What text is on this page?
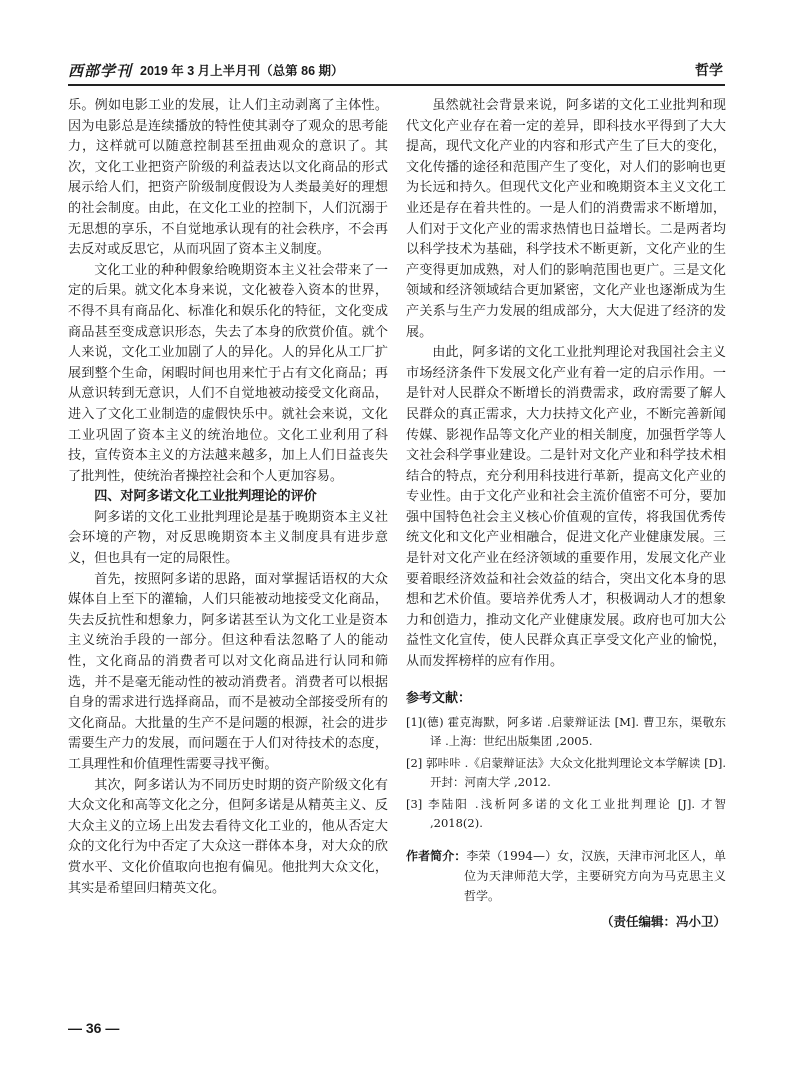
西部学刊 2019 年 3 月上半月刊（总第 86 期）	哲学

乐。例如电影工业的发展，让人们主动剥离了主体性。因为电影总是连续播放的特性使其剥夺了观众的思考能力，这样就可以随意控制甚至扭曲观众的意识了。其次，文化工业把资产阶级的利益表达以文化商品的形式展示给人们，把资产阶级制度假设为人类最美好的理想的社会制度。由此，在文化工业的控制下，人们沉溺于无思想的享乐，不自觉地承认现有的社会秩序，不会再去反对或反思它，从而巩固了资本主义制度。

文化工业的种种假象给晚期资本主义社会带来了一定的后果。就文化本身来说，文化被卷入资本的世界，不得不具有商品化、标准化和娱乐化的特征，文化变成商品甚至变成意识形态，失去了本身的欣赏价值。就个人来说，文化工业加剧了人的异化。人的异化从工厂扩展到整个生命，闲暇时间也用来忙于占有文化商品；再从意识转到无意识，人们不自觉地被动接受文化商品，进入了文化工业制造的虚假快乐中。就社会来说，文化工业巩固了资本主义的统治地位。文化工业利用了科技，宣传资本主义的方法越来越多，加上人们日益丧失了批判性，使统治者操控社会和个人更加容易。

四、对阿多诺文化工业批判理论的评价

阿多诺的文化工业批判理论是基于晚期资本主义社会环境的产物，对反思晚期资本主义制度具有进步意义，但也具有一定的局限性。

首先，按照阿多诺的思路，面对掌握话语权的大众媒体自上至下的灌输，人们只能被动地接受文化商品，失去反抗性和想象力，阿多诺甚至认为文化工业是资本主义统治手段的一部分。但这种看法忽略了人的能动性，文化商品的消费者可以对文化商品进行认同和筛选，并不是毫无能动性的被动消费者。消费者可以根据自身的需求进行选择商品，而不是被动全部接受所有的文化商品。大批量的生产不是问题的根源，社会的进步需要生产力的发展，而问题在于人们对待技术的态度，工具理性和价值理性需要寻找平衡。

其次，阿多诺认为不同历史时期的资产阶级文化有大众文化和高等文化之分，但阿多诺是从精英主义、反大众主义的立场上出发去看待文化工业的，他从否定大众的文化行为中否定了大众这一群体本身，对大众的欣赏水平、文化价值取向也抱有偏见。他批判大众文化，其实是希望回归精英文化。

虽然就社会背景来说，阿多诺的文化工业批判和现代文化产业存在着一定的差异，即科技水平得到了大大提高，现代文化产业的内容和形式产生了巨大的变化，文化传播的途径和范围产生了变化，对人们的影响也更为长远和持久。但现代文化产业和晚期资本主义文化工业还是存在着共性的。一是人们的消费需求不断增加，人们对于文化产业的需求热情也日益增长。二是两者均以科学技术为基础，科学技术不断更新，文化产业的生产变得更加成熟，对人们的影响范围也更广。三是文化领域和经济领域结合更加紧密，文化产业也逐渐成为生产关系与生产力发展的组成部分，大大促进了经济的发展。

由此，阿多诺的文化工业批判理论对我国社会主义市场经济条件下发展文化产业有着一定的启示作用。一是针对人民群众不断增长的消费需求，政府需要了解人民群众的真正需求，大力扶持文化产业，不断完善新闻传媒、影视作品等文化产业的相关制度，加强哲学等人文社会科学事业建设。二是针对文化产业和科学技术相结合的特点，充分利用科技进行革新，提高文化产业的专业性。由于文化产业和社会主流价值密不可分，要加强中国特色社会主义核心价值观的宣传，将我国优秀传统文化和文化产业相融合，促进文化产业健康发展。三是针对文化产业在经济领域的重要作用，发展文化产业要着眼经济效益和社会效益的结合，突出文化本身的思想和艺术价值。要培养优秀人才，积极调动人才的想象力和创造力，推动文化产业健康发展。政府也可加大公益性文化宣传，使人民群众真正享受文化产业的愉悦，从而发挥榜样的应有作用。

参考文献：
[1](德) 霍克海默，阿多诺 .启蒙辩证法 [M]. 曹卫东，渠敬东译 .上海：世纪出版集团 ,2005.
[2] 郭咔咔 .《启蒙辩证法》大众文化批判理论文本学解读 [D]. 开封：河南大学 ,2012.
[3] 李陆阳 .浅析阿多诺的文化工业批判理论 [J]. 才智 ,2018(2).
作者简介：李荣（1994—）女，汉族，天津市河北区人，单位为天津师范大学，主要研究方向为马克思主义哲学。
（责任编辑：冯小卫）
— 36 —
